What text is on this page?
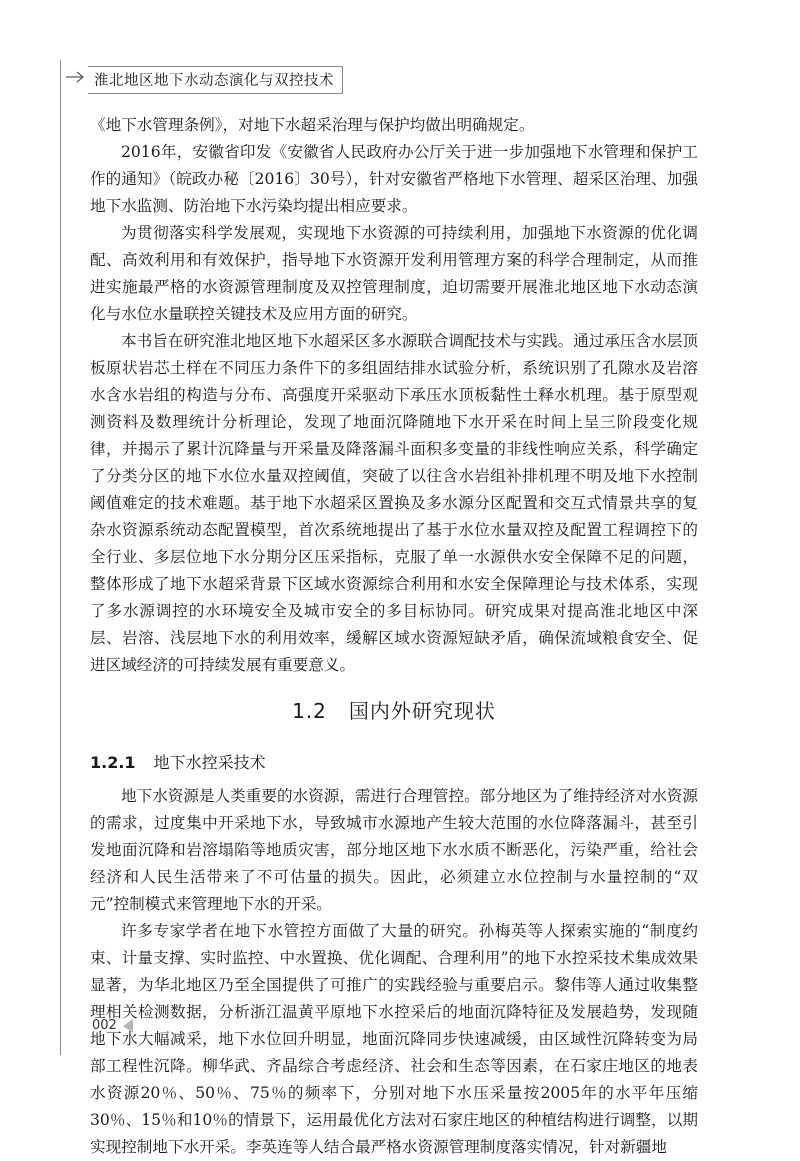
淮北地区地下水动态演化与双控技术

《地下水管理条例》，对地下水超采治理与保护均做出明确规定。

2016年，安徽省印发《安徽省人民政府办公厅关于进一步加强地下水管理和保护工作的通知》（皖政办秘〔2016〕30号），针对安徽省严格地下水管理、超采区治理、加强地下水监测、防治地下水污染均提出相应要求。

为贯彻落实科学发展观，实现地下水资源的可持续利用，加强地下水资源的优化调配、高效利用和有效保护，指导地下水资源开发利用管理方案的科学合理制定，从而推进实施最严格的水资源管理制度及双控管理制度，迫切需要开展淮北地区地下水动态演化与水位水量联控关键技术及应用方面的研究。

本书旨在研究淮北地区地下水超采区多水源联合调配技术与实践。通过承压含水层顶板原状岩芯土样在不同压力条件下的多组固结排水试验分析，系统识别了孔隙水及岩溶水含水岩组的构造与分布、高强度开采驱动下承压水顶板黏性土释水机理。基于原型观测资料及数理统计分析理论，发现了地面沉降随地下水开采在时间上呈三阶段变化规律，并揭示了累计沉降量与开采量及降落漏斗面积多变量的非线性响应关系，科学确定了分类分区的地下水位水量双控阈值，突破了以往含水岩组补排机理不明及地下水控制阈值难定的技术难题。基于地下水超采区置换及多水源分区配置和交互式情景共享的复杂水资源系统动态配置模型，首次系统地提出了基于水位水量双控及配置工程调控下的全行业、多层位地下水分期分区压采指标，克服了单一水源供水安全保障不足的问题，整体形成了地下水超采背景下区域水资源综合利用和水安全保障理论与技术体系，实现了多水源调控的水环境安全及城市安全的多目标协同。研究成果对提高淮北地区中深层、岩溶、浅层地下水的利用效率，缓解区域水资源短缺矛盾，确保流域粮食安全、促进区域经济的可持续发展有重要意义。

1.2 国内外研究现状
1.2.1 地下水控采技术

地下水资源是人类重要的水资源，需进行合理管控。部分地区为了维持经济对水资源的需求，过度集中开采地下水，导致城市水源地产生较大范围的水位降落漏斗，甚至引发地面沉降和岩溶塌陷等地质灾害，部分地区地下水水质不断恶化，污染严重，给社会经济和人民生活带来了不可估量的损失。因此，必须建立水位控制与水量控制的“双元”控制模式来管理地下水的开采。

许多专家学者在地下水管控方面做了大量的研究。孙梅英等人探索实施的“制度约束、计量支撑、实时监控、中水置换、优化调配、合理利用”的地下水控采技术集成效果显著，为华北地区乃至全国提供了可推广的实践经验与重要启示。黎伟等人通过收集整理相关检测数据，分析浙江温黄平原地下水控采后的地面沉降特征及发展趋势，发现随地下水大幅减采，地下水位回升明显，地面沉降同步快速减缓，由区域性沉降转变为局部工程性沉降。柳华武、齐晶综合考虑经济、社会和生态等因素，在石家庄地区的地表水资源20％、50％、75％的频率下，分别对地下水压采量按2005年的水平年压缩30％、15％和10％的情景下，运用最优化方法对石家庄地区的种植结构进行调整，以期实现控制地下水开采。李英连等人结合最严格水资源管理制度落实情况，针对新疆地

002
